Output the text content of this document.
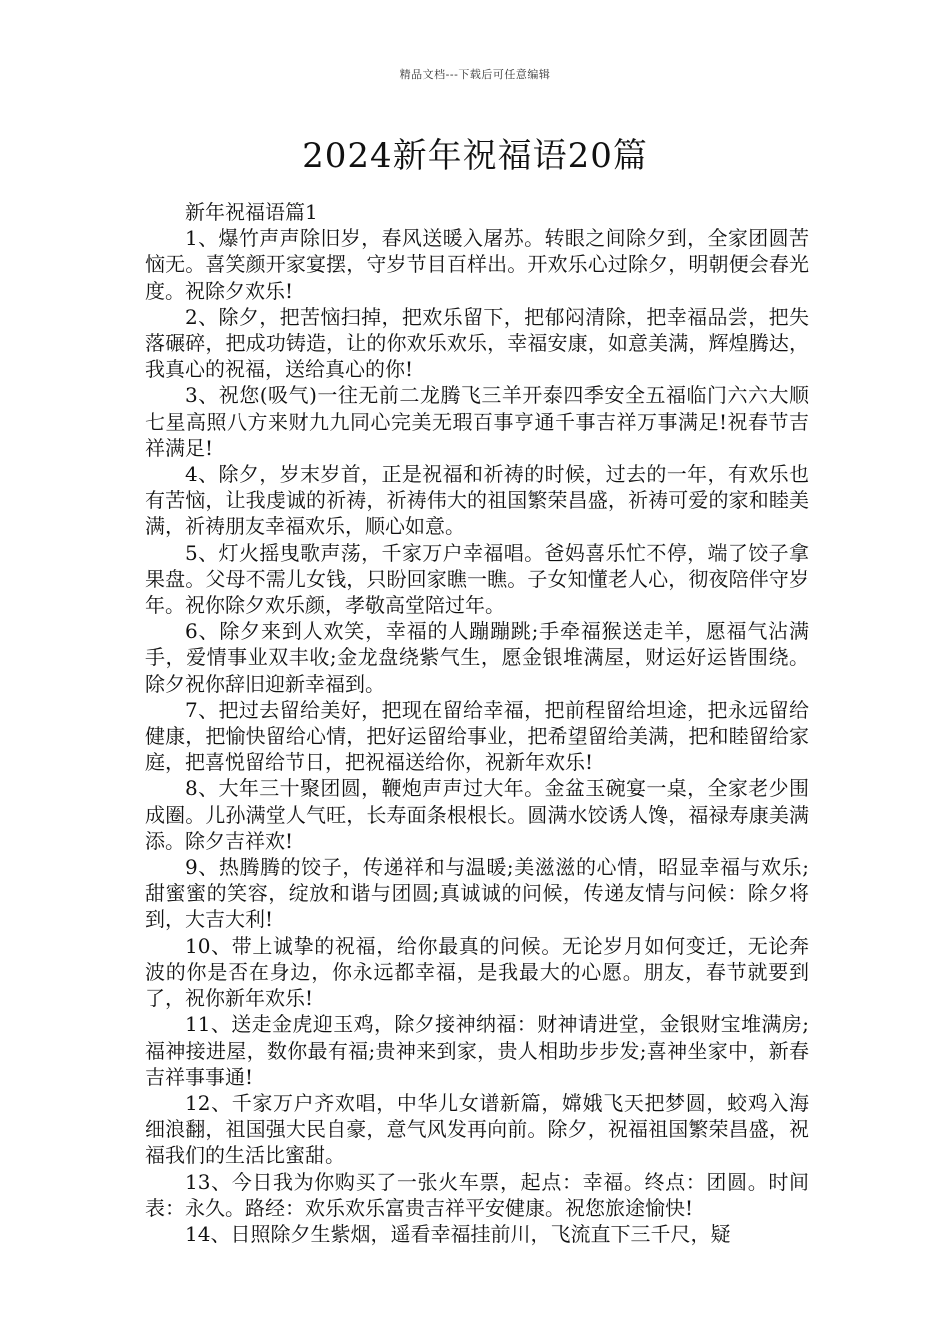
精品文档---下载后可任意编辑
2024新年祝福语20篇

新年祝福语篇1

1、爆竹声声除旧岁，春风送暖入屠苏。转眼之间除夕到，全家团圆苦恼无。喜笑颜开家宴摆，守岁节目百样出。开欢乐心过除夕，明朝便会春光度。祝除夕欢乐!

2、除夕，把苦恼扫掉，把欢乐留下，把郁闷清除，把幸福品尝，把失落碾碎，把成功铸造，让的你欢乐欢乐，幸福安康，如意美满，辉煌腾达，我真心的祝福，送给真心的你!

3、祝您(吸气)一往无前二龙腾飞三羊开泰四季安全五福临门六六大顺七星高照八方来财九九同心完美无瑕百事亨通千事吉祥万事满足!祝春节吉祥满足!

4、除夕，岁末岁首，正是祝福和祈祷的时候，过去的一年，有欢乐也有苦恼，让我虔诚的祈祷，祈祷伟大的祖国繁荣昌盛，祈祷可爱的家和睦美满，祈祷朋友幸福欢乐，顺心如意。

5、灯火摇曳歌声荡，千家万户幸福唱。爸妈喜乐忙不停，端了饺子拿果盘。父母不需儿女钱，只盼回家瞧一瞧。子女知懂老人心，彻夜陪伴守岁年。祝你除夕欢乐颜，孝敬高堂陪过年。

6、除夕来到人欢笑，幸福的人蹦蹦跳;手牵福猴送走羊，愿福气沾满手，爱情事业双丰收;金龙盘绕紫气生，愿金银堆满屋，财运好运皆围绕。除夕祝你辞旧迎新幸福到。

7、把过去留给美好，把现在留给幸福，把前程留给坦途，把永远留给健康，把愉快留给心情，把好运留给事业，把希望留给美满，把和睦留给家庭，把喜悦留给节日，把祝福送给你，祝新年欢乐!

8、大年三十聚团圆，鞭炮声声过大年。金盆玉碗宴一桌，全家老少围成圈。儿孙满堂人气旺，长寿面条根根长。圆满水饺诱人馋，福禄寿康美满添。除夕吉祥欢!

9、热腾腾的饺子，传递祥和与温暖;美滋滋的心情，昭显幸福与欢乐;甜蜜蜜的笑容，绽放和谐与团圆;真诚诚的问候，传递友情与问候：除夕将到，大吉大利!

10、带上诚挚的祝福，给你最真的问候。无论岁月如何变迁，无论奔波的你是否在身边，你永远都幸福，是我最大的心愿。朋友，春节就要到了，祝你新年欢乐!

11、送走金虎迎玉鸡，除夕接神纳福：财神请进堂，金银财宝堆满房;福神接进屋，数你最有福;贵神来到家，贵人相助步步发;喜神坐家中，新春吉祥事事通!

12、千家万户齐欢唱，中华儿女谱新篇，嫦娥飞天把梦圆，蛟鸡入海细浪翻，祖国强大民自豪，意气风发再向前。除夕，祝福祖国繁荣昌盛，祝福我们的生活比蜜甜。

13、今日我为你购买了一张火车票，起点：幸福。终点：团圆。时间表：永久。路经：欢乐欢乐富贵吉祥平安健康。祝您旅途愉快!

14、日照除夕生紫烟，遥看幸福挂前川，飞流直下三千尺，疑
